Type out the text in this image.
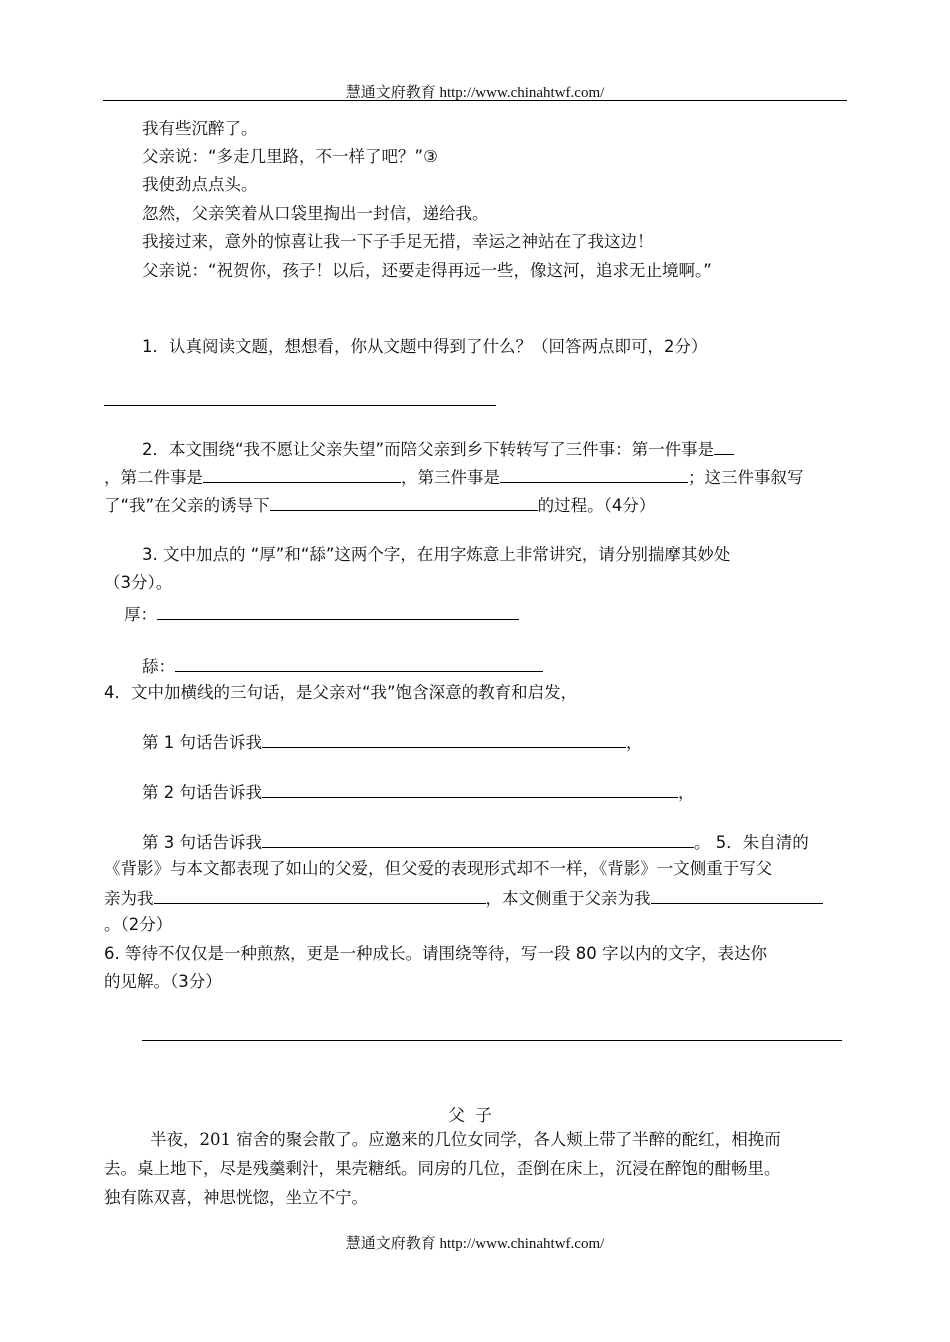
慧通文府教育 http://www.chinahtwf.com/
我有些沉醉了。
父亲说：“多走几里路，不一样了吧？”③
我使劲点点头。
忽然，父亲笑着从口袋里掏出一封信，递给我。
我接过来，意外的惊喜让我一下子手足无措，幸运之神站在了我这边！
父亲说：“祝贺你，孩子！以后，还要走得再远一些，像这河，追求无止境啊。”
1．认真阅读文题，想想看，你从文题中得到了什么？（回答两点即可，2分）
2．本文围绕“我不愿让父亲失望”而陪父亲到乡下转转写了三件事：第一件事是
，第二件事是	，第三件事是	；这三件事叙写
了“我”在父亲的诱导下	的过程。（4分）
3. 文中加点的 “厚”和“舔”这两个字，在用字炼意上非常讲究，请分别揣摩其妙处
（3分）。
厚：
舔：
4．文中加横线的三句话，是父亲对“我”饱含深意的教育和启发，
第 1 句话告诉我	，
第 2 句话告诉我	，
第 3 句话告诉我	。 5．朱自清的
《背影》与本文都表现了如山的父爱，但父爱的表现形式却不一样，《背影》一文侧重于写父
亲为我	，本文侧重于父亲为我
。（2分）
6. 等待不仅仅是一种煎熬，更是一种成长。请围绕等待，写一段 80 字以内的文字，表达你
的见解。（3分）
父子
半夜，201 宿舍的聚会散了。应邀来的几位女同学，各人颊上带了半醉的酡红，相挽而
去。桌上地下，尽是残羹剩汁，果壳糖纸。同房的几位，歪倒在床上，沉浸在醉饱的酣畅里。
独有陈双喜，神思恍惚，坐立不宁。
慧通文府教育 http://www.chinahtwf.com/
